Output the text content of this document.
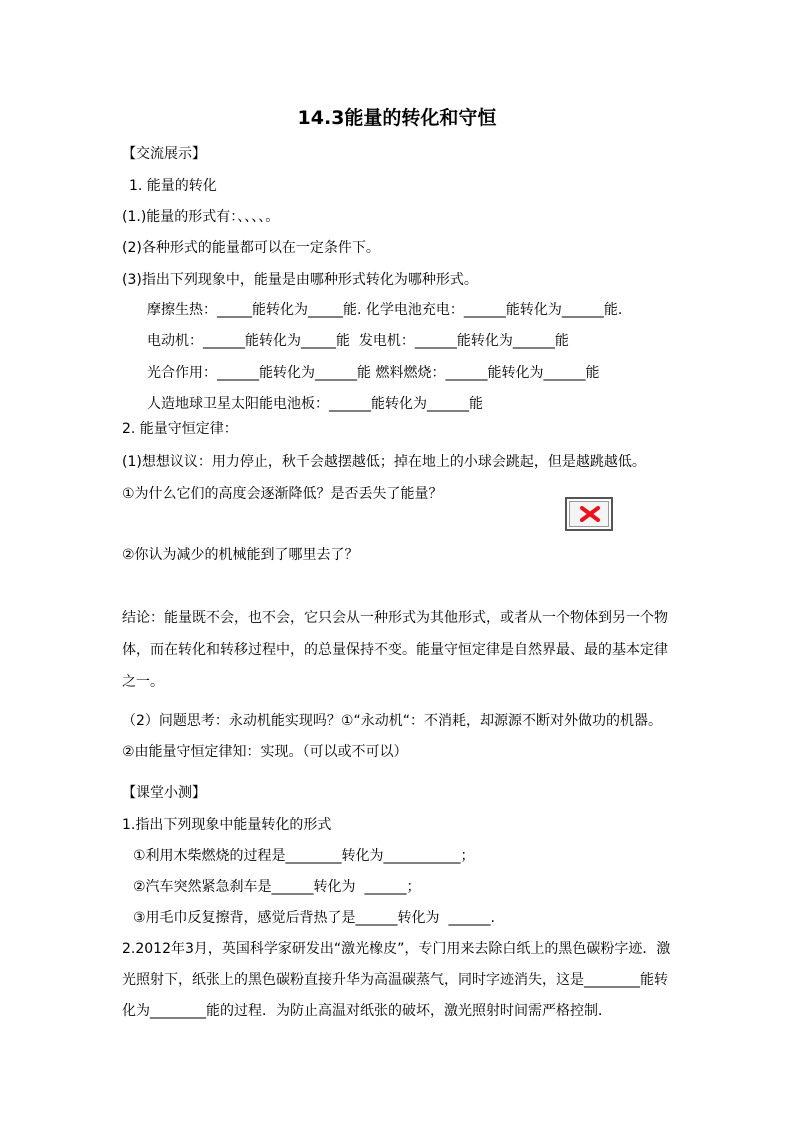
14.3能量的转化和守恒
【交流展示】
1. 能量的转化
(1.)能量的形式有：、、、、。
(2)各种形式的能量都可以在一定条件下。
(3)指出下列现象中，能量是由哪种形式转化为哪种形式。
摩擦生热：_____能转化为_____能. 化学电池充电：______能转化为______能.
电动机：______能转化为_____能  发电机：______能转化为______能
光合作用：______能转化为______能 燃料燃烧：______能转化为______能
人造地球卫星太阳能电池板：______能转化为______能
2. 能量守恒定律：
(1)想想议议：用力停止，秋千会越摆越低；掉在地上的小球会跳起，但是越跳越低。
①为什么它们的高度会逐渐降低？是否丢失了能量？
②你认为减少的机械能到了哪里去了？
结论：能量既不会，也不会，它只会从一种形式为其他形式，或者从一个物体到另一个物
体，而在转化和转移过程中，的总量保持不变。能量守恒定律是自然界最、最的基本定律
之一。
（2）问题思考：永动机能实现吗？①“永动机“：不消耗，却源源不断对外做功的机器。
②由能量守恒定律知：实现。（可以或不可以）
【课堂小测】
1.指出下列现象中能量转化的形式
①利用木柴燃烧的过程是________转化为___________；
②汽车突然紧急刹车是______转化为  ______；
③用毛巾反复擦背，感觉后背热了是______转化为  ______.
2.2012年3月，英国科学家研发出“激光橡皮”，专门用来去除白纸上的黑色碳粉字迹．激
光照射下，纸张上的黑色碳粉直接升华为高温碳蒸气，同时字迹消失，这是________能转
化为________能的过程．为防止高温对纸张的破坏，激光照射时间需严格控制．
